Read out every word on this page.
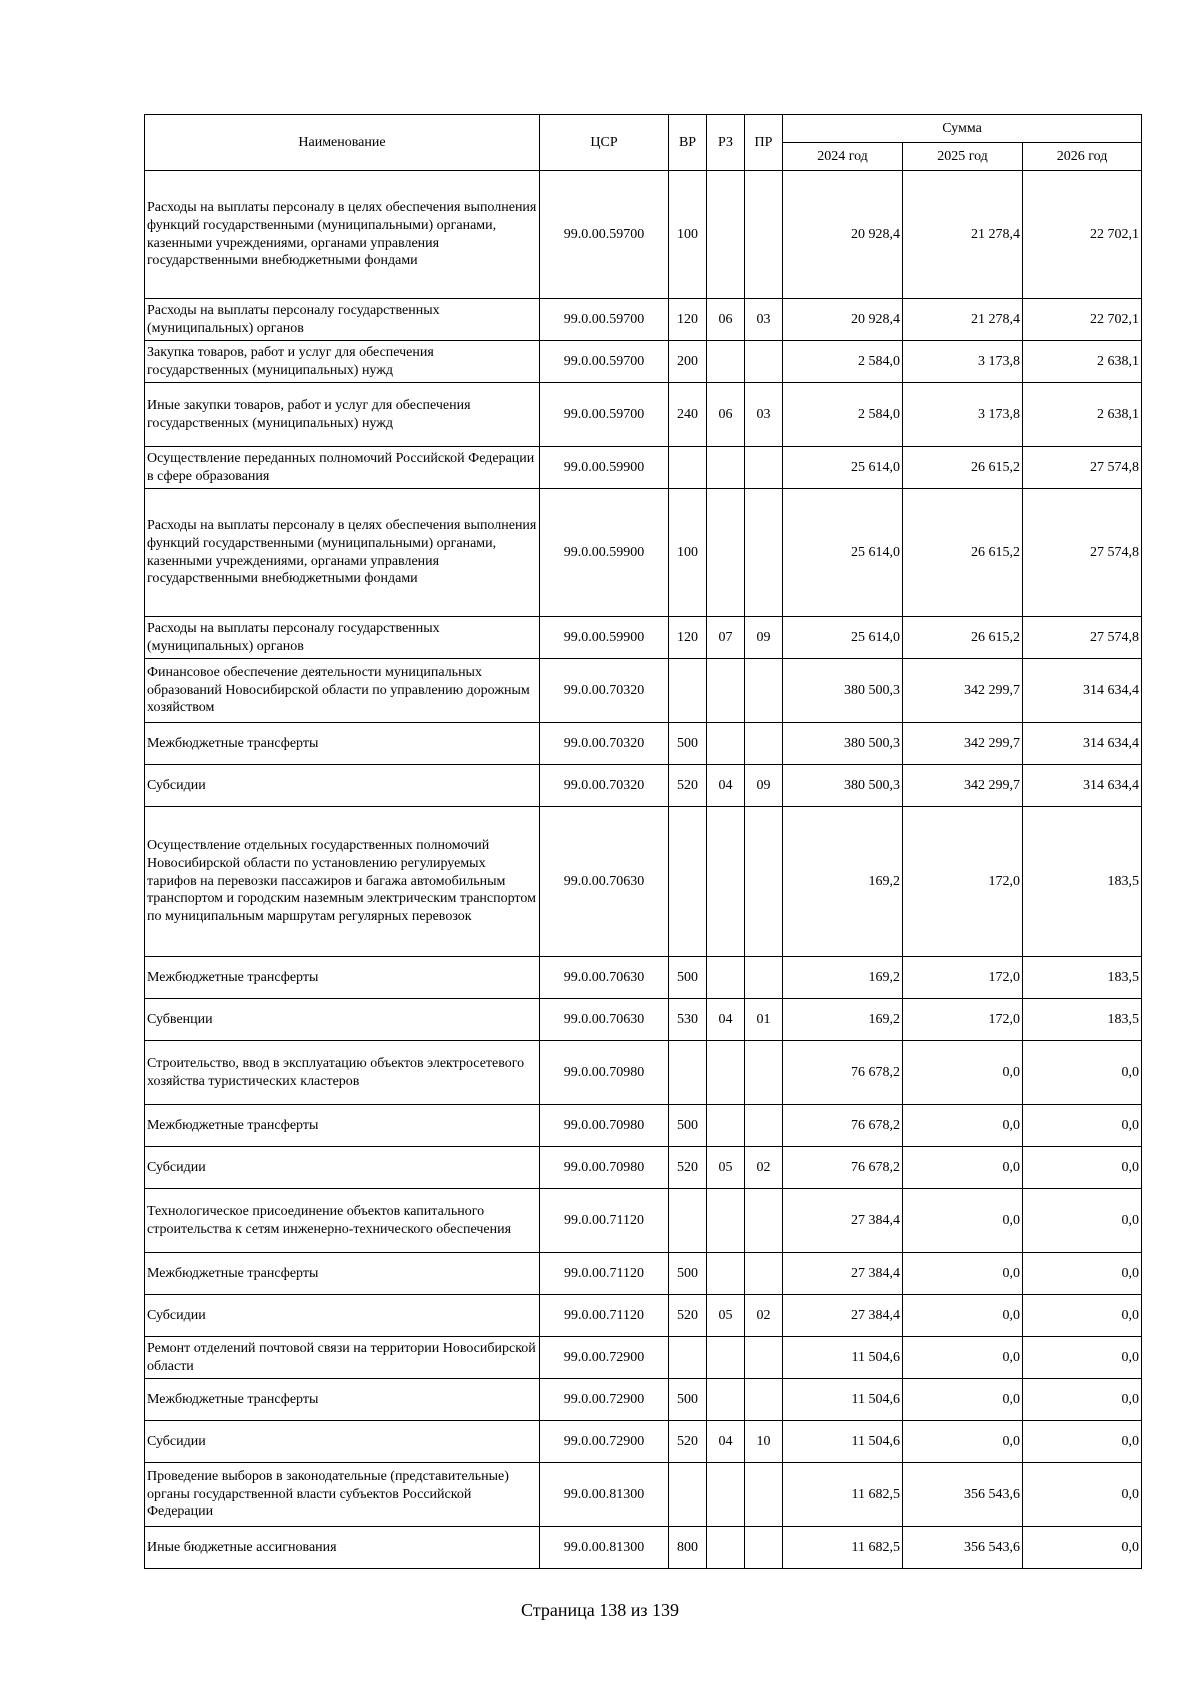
Наименование	ЦСР	ВР	РЗ	ПР	Сумма		
					2024 год	2025 год	2026 год
Расходы на выплаты персоналу в целях обеспечения выполнения функций государственными (муниципальными) органами, казенными учреждениями, органами управления государственными внебюджетными фондами	99.0.00.59700	100			20 928,4	21 278,4	22 702,1
Расходы на выплаты персоналу государственных (муниципальных) органов	99.0.00.59700	120	06	03	20 928,4	21 278,4	22 702,1
Закупка товаров, работ и услуг для обеспечения государственных (муниципальных) нужд	99.0.00.59700	200			2 584,0	3 173,8	2 638,1
Иные закупки товаров, работ и услуг для обеспечения государственных (муниципальных) нужд	99.0.00.59700	240	06	03	2 584,0	3 173,8	2 638,1
Осуществление переданных полномочий Российской Федерации в сфере образования	99.0.00.59900				25 614,0	26 615,2	27 574,8
Расходы на выплаты персоналу в целях обеспечения выполнения функций государственными (муниципальными) органами, казенными учреждениями, органами управления государственными внебюджетными фондами	99.0.00.59900	100			25 614,0	26 615,2	27 574,8
Расходы на выплаты персоналу государственных (муниципальных) органов	99.0.00.59900	120	07	09	25 614,0	26 615,2	27 574,8
Финансовое обеспечение деятельности муниципальных образований Новосибирской области по управлению дорожным хозяйством	99.0.00.70320				380 500,3	342 299,7	314 634,4
Межбюджетные трансферты	99.0.00.70320	500			380 500,3	342 299,7	314 634,4
Субсидии	99.0.00.70320	520	04	09	380 500,3	342 299,7	314 634,4
Осуществление отдельных государственных полномочий Новосибирской области по установлению регулируемых тарифов на перевозки пассажиров и багажа автомобильным транспортом и городским наземным электрическим транспортом по муниципальным маршрутам регулярных перевозок	99.0.00.70630				169,2	172,0	183,5
Межбюджетные трансферты	99.0.00.70630	500			169,2	172,0	183,5
Субвенции	99.0.00.70630	530	04	01	169,2	172,0	183,5
Строительство, ввод в эксплуатацию объектов электросетевого хозяйства туристических кластеров	99.0.00.70980				76 678,2	0,0	0,0
Межбюджетные трансферты	99.0.00.70980	500			76 678,2	0,0	0,0
Субсидии	99.0.00.70980	520	05	02	76 678,2	0,0	0,0
Технологическое присоединение объектов капитального строительства к сетям инженерно-технического обеспечения	99.0.00.71120				27 384,4	0,0	0,0
Межбюджетные трансферты	99.0.00.71120	500			27 384,4	0,0	0,0
Субсидии	99.0.00.71120	520	05	02	27 384,4	0,0	0,0
Ремонт отделений почтовой связи на территории Новосибирской области	99.0.00.72900				11 504,6	0,0	0,0
Межбюджетные трансферты	99.0.00.72900	500			11 504,6	0,0	0,0
Субсидии	99.0.00.72900	520	04	10	11 504,6	0,0	0,0
Проведение выборов в законодательные (представительные) органы государственной власти субъектов Российской Федерации	99.0.00.81300				11 682,5	356 543,6	0,0
Иные бюджетные ассигнования	99.0.00.81300	800			11 682,5	356 543,6	0,0
Страница 138 из 139
